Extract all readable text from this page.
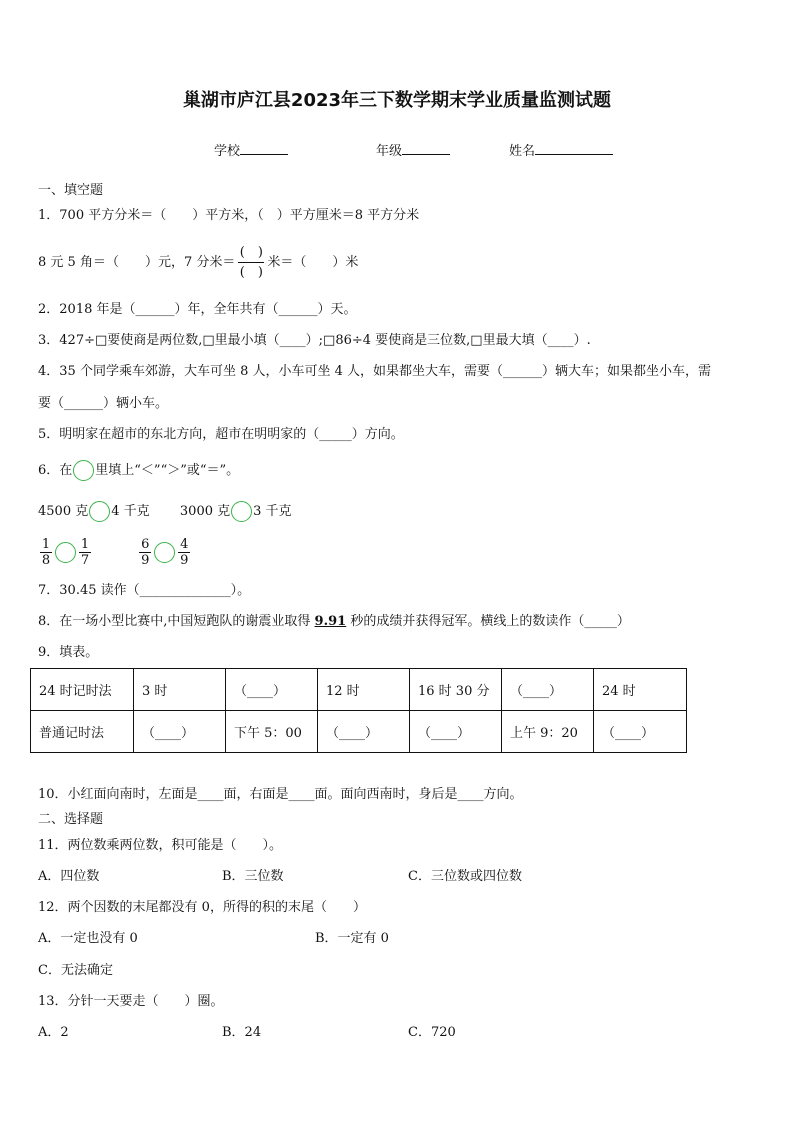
巢湖市庐江县2023年三下数学期末学业质量监测试题
学校	年级	姓名
一、填空题
1．700 平方分米＝（　　）平方米，（　）平方厘米＝8 平方分米
8 元 5 角＝（　　）元，7 分米＝
(　)
(　)
米＝（　　）米
2．2018 年是（______）年，全年共有（______）天。
3．427÷□要使商是两位数,□里最小填（____）;□86÷4 要使商是三位数,□里最大填（____）.
4．35 个同学乘车郊游，大车可坐 8 人，小车可坐 4 人，如果都坐大车，需要（______）辆大车；如果都坐小车，需
要（______）辆小车。
5．明明家在超市的东北方向，超市在明明家的（_____）方向。
6．在 里填上“＜”“＞”或“＝”。
4500 克 4 千克 3000 克 3 千克
$\frac{1}{8} \frac{1}{7}$
	$\frac{6}{9} \frac{4}{9}$
7．30.45 读作（______________）。
8．在一场小型比赛中,中国短跑队的谢震业取得 9.91 秒的成绩并获得冠军。横线上的数读作（_____）
9．填表。
24 时记时法	3 时	（____）	12 时	16 时 30 分	（____）	24 时
普通记时法	（____）	下午 5：00	（____）	（____）	上午 9：20	（____）
10．小红面向南时，左面是____面，右面是____面。面向西南时，身后是____方向。
二、选择题
11．两位数乘两位数，积可能是（　　）。
A．四位数	B．三位数	C．三位数或四位数
12．两个因数的末尾都没有 0，所得的积的末尾（　　）
A．一定也没有 0	B．一定有 0
C．无法确定
13．分针一天要走（　　）圈。
A．2	B．24	C．720
